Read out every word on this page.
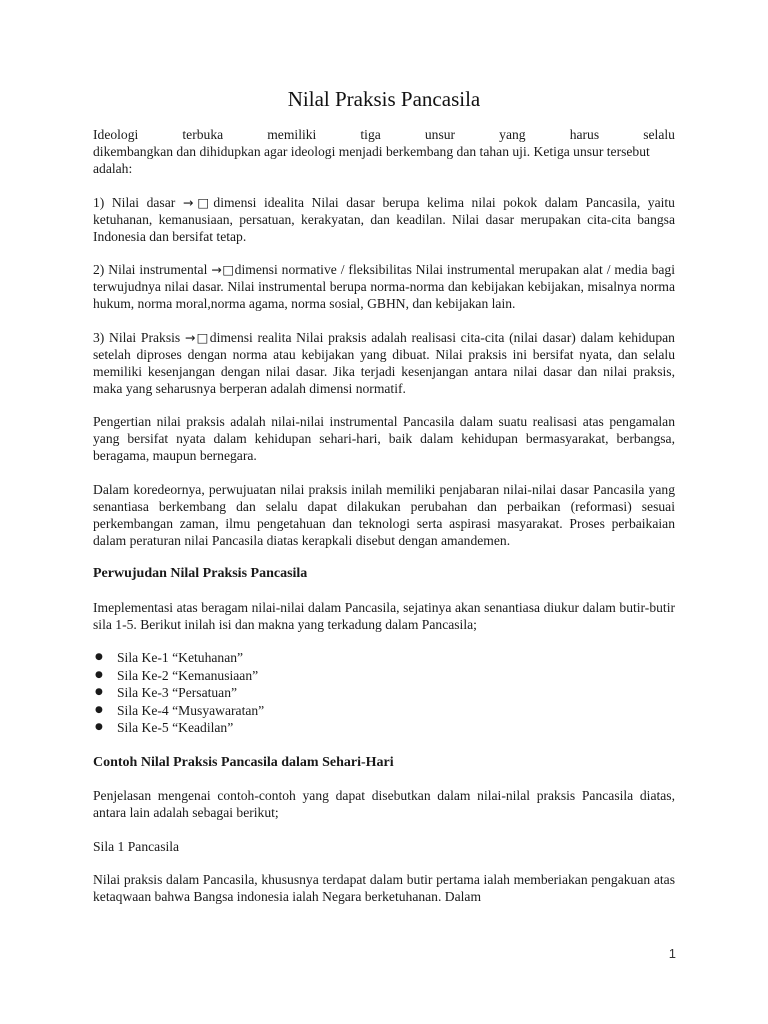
Nilal Praksis Pancasila
Ideologi	terbuka	memiliki	tiga	unsur	yang	harus	selalu
dikembangkan dan dihidupkan agar ideologi menjadi berkembang dan tahan uji. Ketiga unsur tersebut adalah:

1) Nilai dasar →□dimensi idealita Nilai dasar berupa kelima nilai pokok dalam Pancasila, yaitu ketuhanan, kemanusiaan, persatuan, kerakyatan, dan keadilan. Nilai dasar merupakan cita-cita bangsa Indonesia dan bersifat tetap.

2) Nilai instrumental →□dimensi normative / fleksibilitas Nilai instrumental merupakan alat / media bagi terwujudnya nilai dasar. Nilai instrumental berupa norma-norma dan kebijakan kebijakan, misalnya norma hukum, norma moral,norma agama, norma sosial, GBHN, dan kebijakan lain.

3) Nilai Praksis →□dimensi realita Nilai praksis adalah realisasi cita-cita (nilai dasar) dalam kehidupan setelah diproses dengan norma atau kebijakan yang dibuat. Nilai praksis ini bersifat nyata, dan selalu memiliki kesenjangan dengan nilai dasar. Jika terjadi kesenjangan antara nilai dasar dan nilai praksis, maka yang seharusnya berperan adalah dimensi normatif.

Pengertian nilai praksis adalah nilai-nilai instrumental Pancasila dalam suatu realisasi atas pengamalan yang bersifat nyata dalam kehidupan sehari-hari, baik dalam kehidupan bermasyarakat, berbangsa, beragama, maupun bernegara.

Dalam koredeornya, perwujuatan nilai praksis inilah memiliki penjabaran nilai-nilai dasar Pancasila yang senantiasa berkembang dan selalu dapat dilakukan perubahan dan perbaikan (reformasi) sesuai perkembangan zaman, ilmu pengetahuan dan teknologi serta aspirasi masyarakat. Proses perbaikaian dalam peraturan nilai Pancasila diatas kerapkali disebut dengan amandemen.

Perwujudan Nilal Praksis Pancasila

Imeplementasi atas beragam nilai-nilai dalam Pancasila, sejatinya akan senantiasa diukur dalam butir-butir sila 1-5. Berikut inilah isi dan makna yang terkadung dalam Pancasila;

● Sila Ke-1 “Ketuhanan”
● Sila Ke-2 “Kemanusiaan”
● Sila Ke-3 “Persatuan”
● Sila Ke-4 “Musyawaratan”
● Sila Ke-5 “Keadilan”
Contoh Nilal Praksis Pancasila dalam Sehari-Hari

Penjelasan mengenai contoh-contoh yang dapat disebutkan dalam nilai-nilal praksis Pancasila diatas, antara lain adalah sebagai berikut;

Sila 1 Pancasila

Nilai praksis dalam Pancasila, khususnya terdapat dalam butir pertama ialah memberiakan pengakuan atas ketaqwaan bahwa Bangsa indonesia ialah Negara berketuhanan. Dalam

1
